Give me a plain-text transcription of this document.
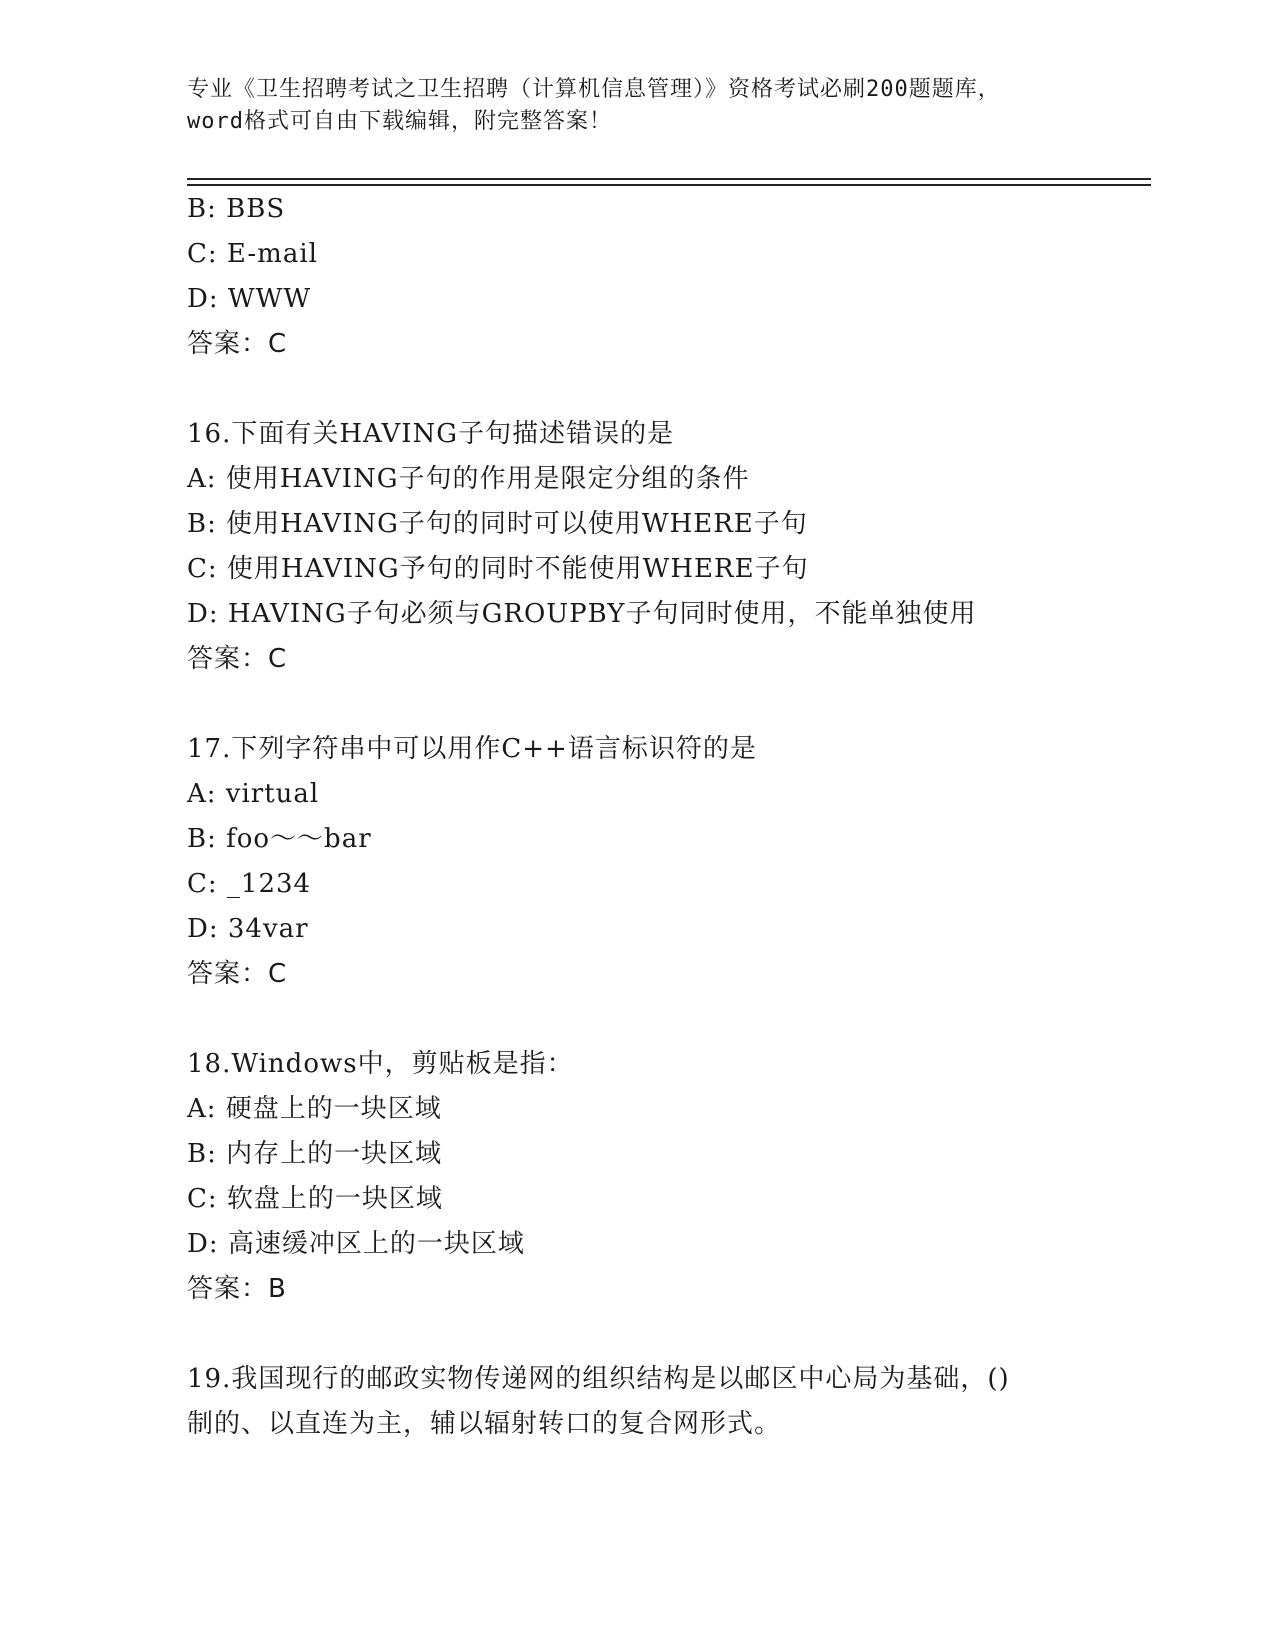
专业《卫生招聘考试之卫生招聘（计算机信息管理）》资格考试必刷200题题库，
word格式可自由下载编辑，附完整答案！
B: BBS
C: E-mail
D: WWW
答案：C
16.下面有关HAVING子句描述错误的是
A: 使用HAVING子句的作用是限定分组的条件
B: 使用HAVING子句的同时可以使用WHERE子句
C: 使用HAVING予句的同时不能使用WHERE子句
D: HAVING子句必须与GROUPBY子句同时使用，不能单独使用
答案：C
17.下列字符串中可以用作C++语言标识符的是
A: virtual
B: foo～～bar
C: _1234
D: 34var
答案：C
18.Windows中，剪贴板是指：
A: 硬盘上的一块区域
B: 内存上的一块区域
C: 软盘上的一块区域
D: 高速缓冲区上的一块区域
答案：B
19.我国现行的邮政实物传递网的组织结构是以邮区中心局为基础，()
制的、以直连为主，辅以辐射转口的复合网形式。
